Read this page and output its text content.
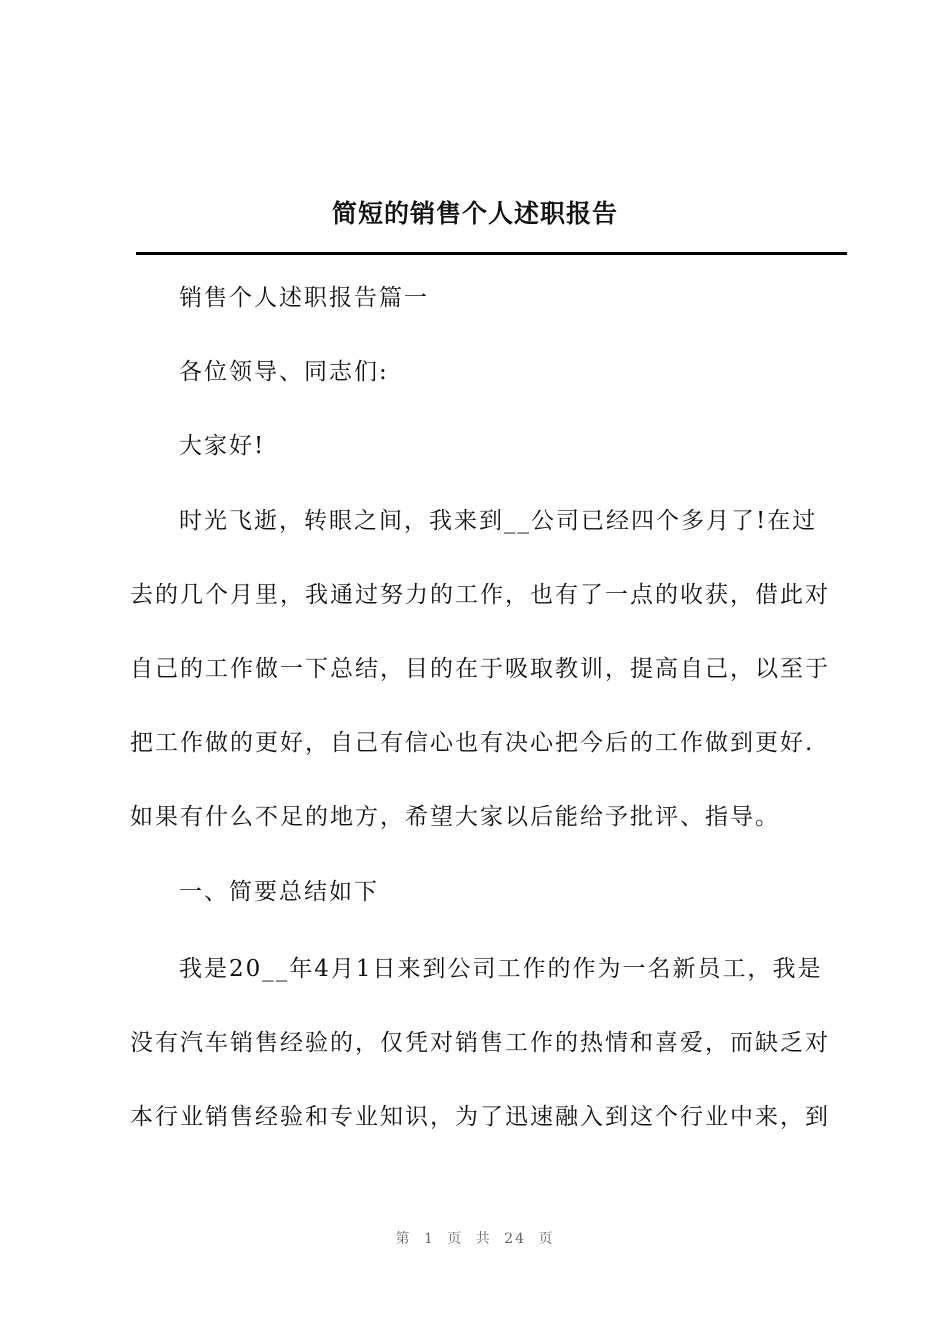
简短的销售个人述职报告
销售个人述职报告篇一
各位领导、同志们:
大家好!
时光飞逝，转眼之间，我来到__公司已经四个多月了!在过
去的几个月里，我通过努力的工作，也有了一点的收获，借此对
自己的工作做一下总结，目的在于吸取教训，提高自己，以至于
把工作做的更好，自己有信心也有决心把今后的工作做到更好.
如果有什么不足的地方，希望大家以后能给予批评、指导。
一、简要总结如下
我是20__年4月1日来到公司工作的作为一名新员工，我是
没有汽车销售经验的，仅凭对销售工作的热情和喜爱，而缺乏对
本行业销售经验和专业知识，为了迅速融入到这个行业中来，到
第 1 页 共 24 页
